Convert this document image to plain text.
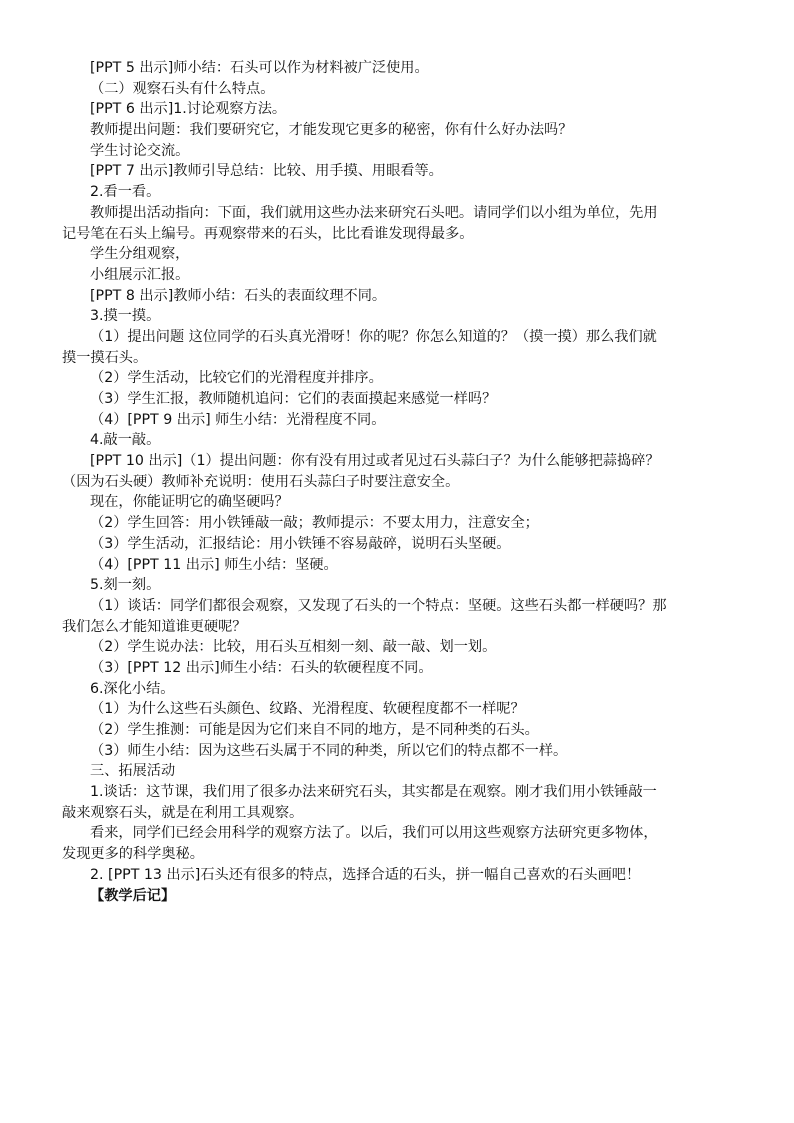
[PPT 5 出示]师小结：石头可以作为材料被广泛使用。
（二）观察石头有什么特点。
[PPT 6 出示]1.讨论观察方法。
教师提出问题：我们要研究它，才能发现它更多的秘密，你有什么好办法吗？
学生讨论交流。
[PPT 7 出示]教师引导总结：比较、用手摸、用眼看等。
2.看一看。
教师提出活动指向：下面，我们就用这些办法来研究石头吧。请同学们以小组为单位，先用
记号笔在石头上编号。再观察带来的石头，比比看谁发现得最多。
学生分组观察，
小组展示汇报。
[PPT 8 出示]教师小结：石头的表面纹理不同。
3.摸一摸。
（1）提出问题 这位同学的石头真光滑呀！你的呢？你怎么知道的？（摸一摸）那么我们就
摸一摸石头。
（2）学生活动，比较它们的光滑程度并排序。
（3）学生汇报，教师随机追问：它们的表面摸起来感觉一样吗？
（4）[PPT 9 出示] 师生小结：光滑程度不同。
4.敲一敲。
[PPT 10 出示]（1）提出问题：你有没有用过或者见过石头蒜臼子？为什么能够把蒜捣碎？
（因为石头硬）教师补充说明：使用石头蒜臼子时要注意安全。
现在，你能证明它的确坚硬吗？
（2）学生回答：用小铁锤敲一敲；教师提示：不要太用力，注意安全；
（3）学生活动，汇报结论：用小铁锤不容易敲碎，说明石头坚硬。
（4）[PPT 11 出示] 师生小结：坚硬。
5.刻一刻。
（1）谈话：同学们都很会观察，又发现了石头的一个特点：坚硬。这些石头都一样硬吗？那
我们怎么才能知道谁更硬呢？
（2）学生说办法：比较，用石头互相刻一刻、敲一敲、划一划。
（3）[PPT 12 出示]师生小结：石头的软硬程度不同。
6.深化小结。
（1）为什么这些石头颜色、纹路、光滑程度、软硬程度都不一样呢？
（2）学生推测：可能是因为它们来自不同的地方，是不同种类的石头。
（3）师生小结：因为这些石头属于不同的种类，所以它们的特点都不一样。
三、拓展活动
1.谈话：这节课，我们用了很多办法来研究石头，其实都是在观察。刚才我们用小铁锤敲一
敲来观察石头，就是在利用工具观察。
看来，同学们已经会用科学的观察方法了。以后，我们可以用这些观察方法研究更多物体，
发现更多的科学奥秘。
2. [PPT 13 出示]石头还有很多的特点，选择合适的石头，拼一幅自己喜欢的石头画吧！
【教学后记】
